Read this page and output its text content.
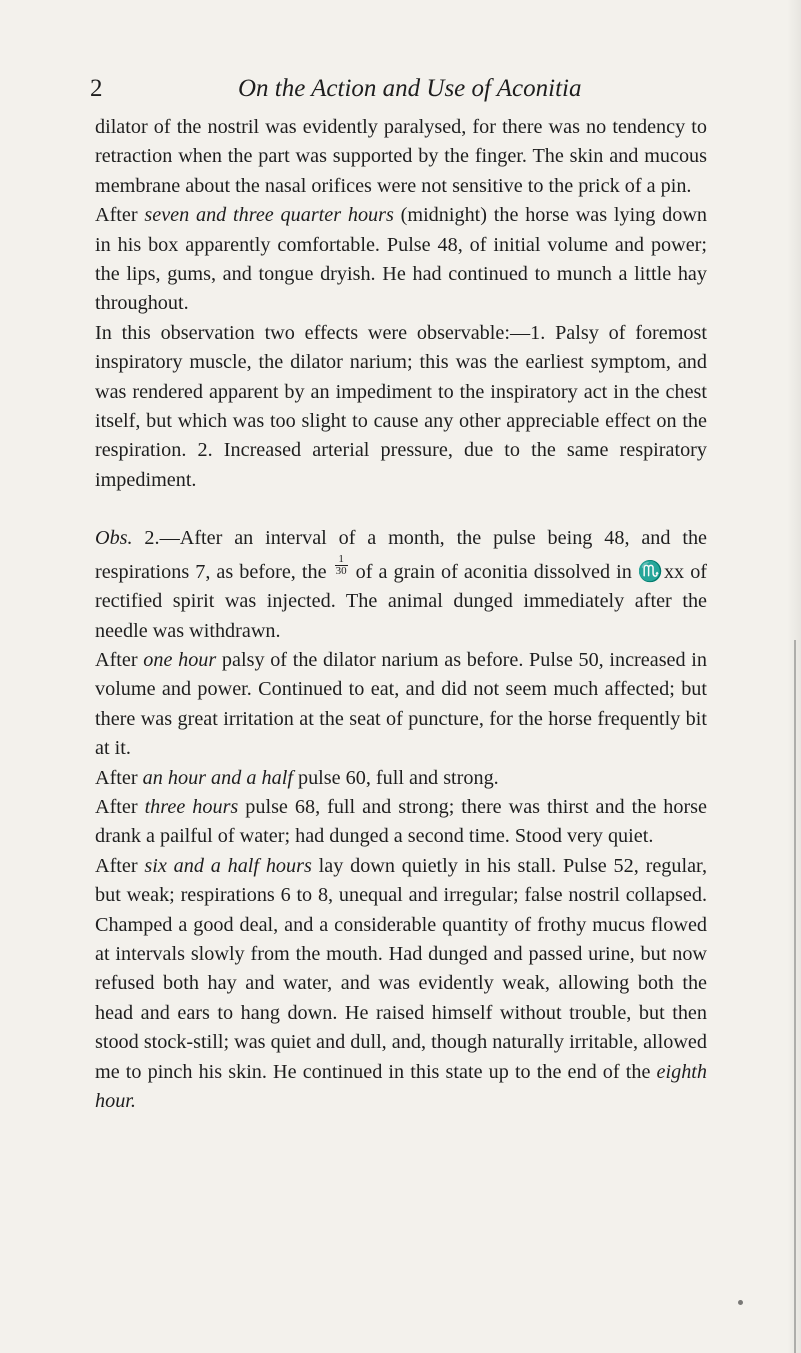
2	On the Action and Use of Aconitia

dilator of the nostril was evidently paralysed, for there was no tendency to retraction when the part was supported by the finger. The skin and mucous membrane about the nasal orifices were not sensitive to the prick of a pin.

After seven and three quarter hours (midnight) the horse was lying down in his box apparently comfortable. Pulse 48, of initial volume and power; the lips, gums, and tongue dryish. He had continued to munch a little hay throughout.

In this observation two effects were observable:—1. Palsy of foremost inspiratory muscle, the dilator narium; this was the earliest symptom, and was rendered apparent by an impediment to the inspiratory act in the chest itself, but which was too slight to cause any other appreciable effect on the respiration. 2. Increased arterial pressure, due to the same respiratory impediment.

Obs. 2.—After an interval of a month, the pulse being 48, and the respirations 7, as before, the $\frac{1}{30}$ of a grain of aconitia dissolved in ♏xx of rectified spirit was injected. The animal dunged immediately after the needle was withdrawn.

After one hour palsy of the dilator narium as before. Pulse 50, increased in volume and power. Continued to eat, and did not seem much affected; but there was great irritation at the seat of puncture, for the horse frequently bit at it.

After an hour and a half pulse 60, full and strong.

After three hours pulse 68, full and strong; there was thirst and the horse drank a pailful of water; had dunged a second time. Stood very quiet.

After six and a half hours lay down quietly in his stall. Pulse 52, regular, but weak; respirations 6 to 8, unequal and irregular; false nostril collapsed. Champed a good deal, and a considerable quantity of frothy mucus flowed at intervals slowly from the mouth. Had dunged and passed urine, but now refused both hay and water, and was evidently weak, allowing both the head and ears to hang down. He raised himself without trouble, but then stood stock-still; was quiet and dull, and, though naturally irritable, allowed me to pinch his skin. He continued in this state up to the end of the eighth hour.
